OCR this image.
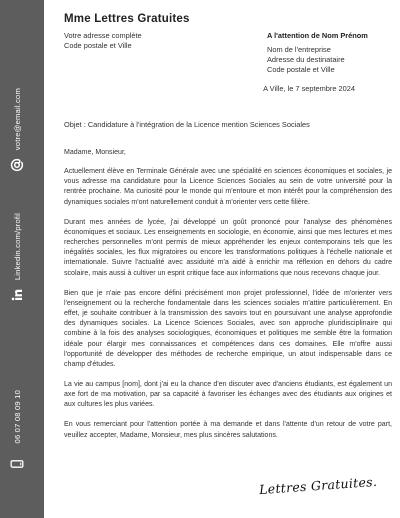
votre@email.com
Linkedin.com/profil
06 07 08 09 10
Mme Lettres Gratuites
Votre adresse complète
Code postale et Ville
A l'attention de Nom Prénom
Nom de l'entreprise
Adresse du destinataire
Code postale et Ville
A Ville, le 7 septembre 2024
Objet : Candidature à l'intégration de la Licence mention Sciences Sociales

Madame, Monsieur,

Actuellement élève en Terminale Générale avec une spécialité en sciences économiques et sociales, je vous adresse ma candidature pour la Licence Sciences Sociales au sein de votre université pour la rentrée prochaine. Ma curiosité pour le monde qui m'entoure et mon intérêt pour la compréhension des dynamiques sociales m'ont naturellement conduit à m'orienter vers cette filière.

Durant mes années de lycée, j'ai développé un goût prononcé pour l'analyse des phénomènes économiques et sociaux. Les enseignements en sociologie, en économie, ainsi que mes lectures et mes recherches personnelles m'ont permis de mieux appréhender les enjeux contemporains tels que les inégalités sociales, les flux migratoires ou encore les transformations politiques à l'échelle nationale et internationale. Suivre l'actualité avec assiduité m'a aidé à enrichir ma réflexion en dehors du cadre scolaire, mais aussi à cultiver un esprit critique face aux informations que nous recevons chaque jour.

Bien que je n'aie pas encore défini précisément mon projet professionnel, l'idée de m'orienter vers l'enseignement ou la recherche fondamentale dans les sciences sociales m'attire particulièrement. En effet, je souhaite contribuer à la transmission des savoirs tout en poursuivant une analyse approfondie des dynamiques sociales. La Licence Sciences Sociales, avec son approche pluridisciplinaire qui combine à la fois des analyses sociologiques, économiques et politiques me semble être la formation idéale pour élargir mes connaissances et compétences dans ces domaines. Elle m'offre aussi l'opportunité de développer des méthodes de recherche empirique, un atout indispensable dans ce champ d'études.

La vie au campus [nom], dont j'ai eu la chance d'en discuter avec d'anciens étudiants, est également un axe fort de ma motivation, par sa capacité à favoriser les échanges avec des étudiants aux origines et aux cultures les plus variées.

En vous remerciant pour l'attention portée à ma demande et dans l'attente d'un retour de votre part, veuillez accepter, Madame, Monsieur, mes plus sincères salutations.

Lettres Gratuites.
